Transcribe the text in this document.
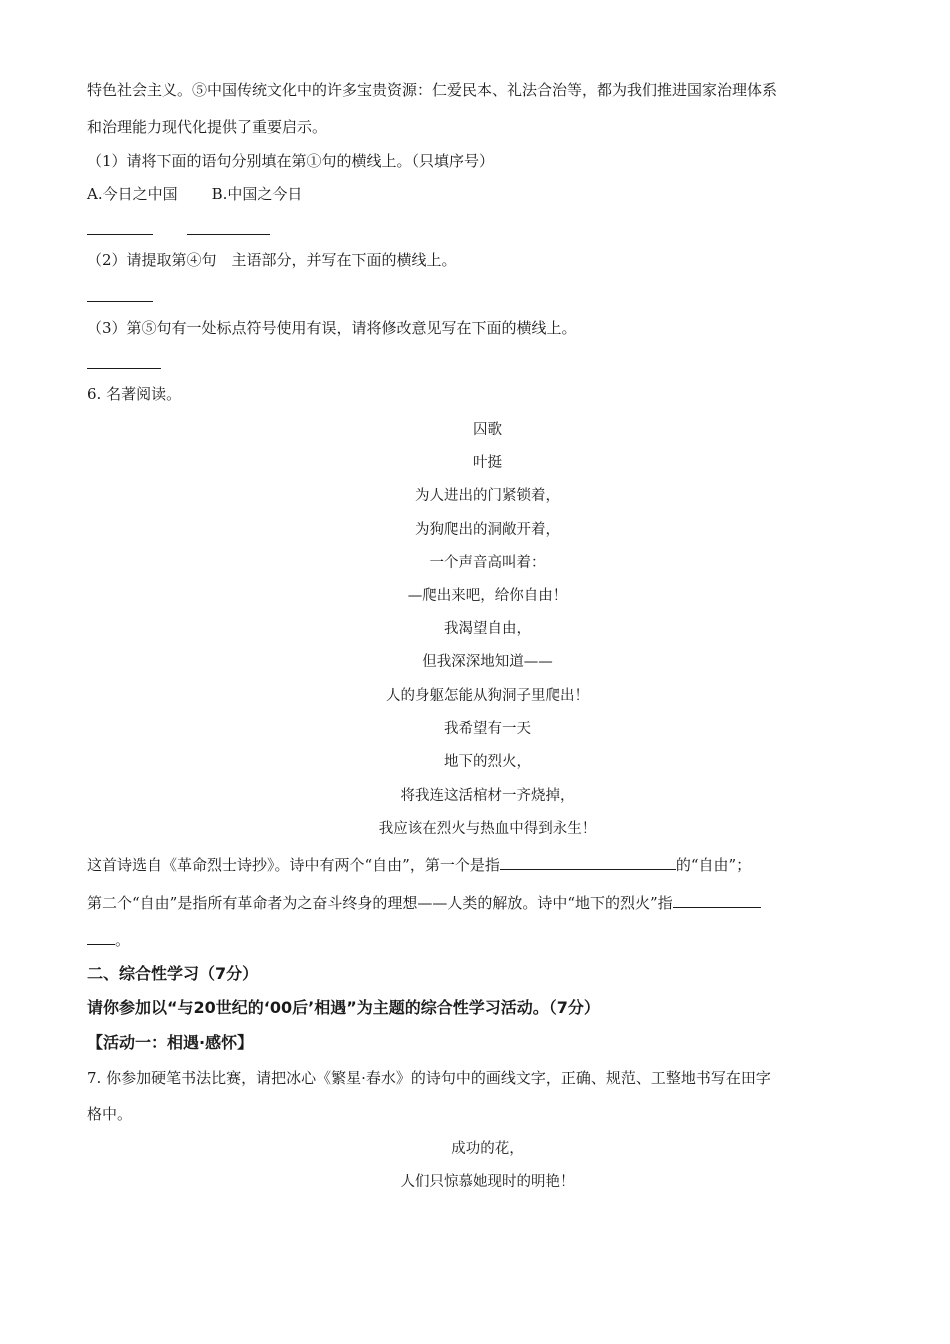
特色社会主义。⑤中国传统文化中的许多宝贵资源：仁爱民本、礼法合治等，都为我们推进国家治理体系
和治理能力现代化提供了重要启示。
（1）请将下面的语句分别填在第①句的横线上。（只填序号）
A.今日之中国 B.中国之今日
（2）请提取第④句　主语部分，并写在下面的横线上。
（3）第⑤句有一处标点符号使用有误，请将修改意见写在下面的横线上。
6. 名著阅读。
囚歌
叶挺
为人进出的门紧锁着，
为狗爬出的洞敞开着，
一个声音高叫着：
—爬出来吧，给你自由！
我渴望自由，
但我深深地知道——
人的身躯怎能从狗洞子里爬出！
我希望有一天
地下的烈火，
将我连这活棺材一齐烧掉，
我应该在烈火与热血中得到永生！
这首诗选自《革命烈士诗抄》。诗中有两个“自由”，第一个是指	的“自由”；
第二个“自由”是指所有革命者为之奋斗终身的理想——人类的解放。诗中“地下的烈火”指
。
二、综合性学习（7分）
请你参加以“与20世纪的‘00后’相遇”为主题的综合性学习活动。（7分）
【活动一：相遇·感怀】
7. 你参加硬笔书法比赛，请把冰心《繁星·春水》的诗句中的画线文字，正确、规范、工整地书写在田字
格中。
成功的花，
人们只惊慕她现时的明艳！
